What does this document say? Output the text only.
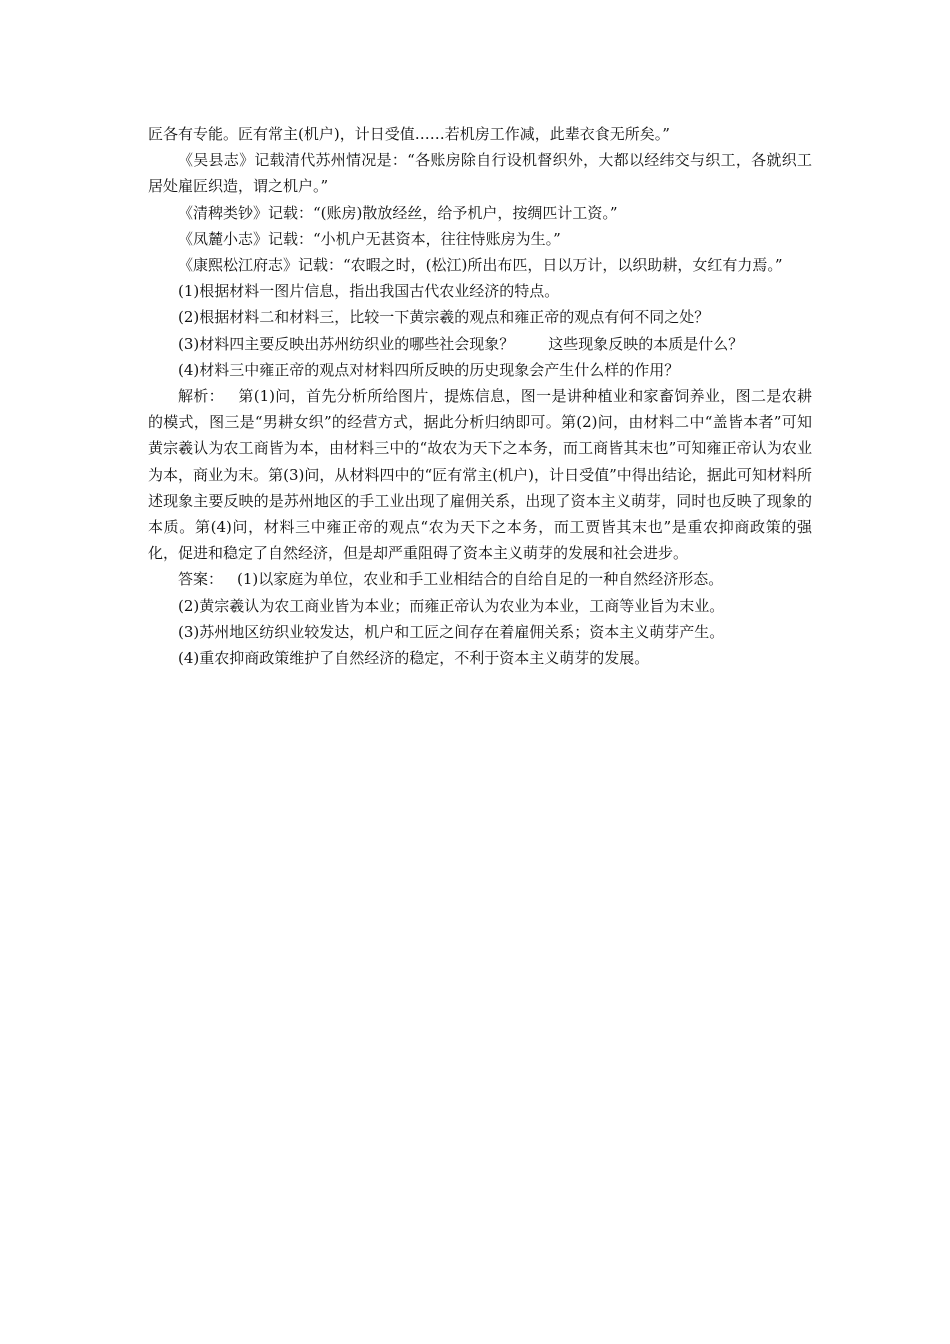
匠各有专能。匠有常主(机户)，计日受值……若机房工作减，此辈衣食无所矣。”

《吴县志》记载清代苏州情况是：“各账房除自行设机督织外，大都以经纬交与织工，各就织工居处雇匠织造，谓之机户。”

《清稗类钞》记载：“(账房)散放经丝，给予机户，按绸匹计工资。”

《凤麓小志》记载：“小机户无甚资本，往往恃账房为生。”

《康熙松江府志》记载：“农暇之时，(松江)所出布匹，日以万计，以织助耕，女红有力焉。”

(1)根据材料一图片信息，指出我国古代农业经济的特点。

(2)根据材料二和材料三，比较一下黄宗羲的观点和雍正帝的观点有何不同之处？

(3)材料四主要反映出苏州纺织业的哪些社会现象？ 这些现象反映的本质是什么？

(4)材料三中雍正帝的观点对材料四所反映的历史现象会产生什么样的作用？

解析： 第(1)问，首先分析所给图片，提炼信息，图一是讲种植业和家畜饲养业，图二是农耕的模式，图三是“男耕女织”的经营方式，据此分析归纳即可。第(2)问，由材料二中“盖皆本者”可知黄宗羲认为农工商皆为本，由材料三中的“故农为天下之本务，而工商皆其末也”可知雍正帝认为农业为本，商业为末。第(3)问，从材料四中的“匠有常主(机户)，计日受值”中得出结论，据此可知材料所述现象主要反映的是苏州地区的手工业出现了雇佣关系，出现了资本主义萌芽，同时也反映了现象的本质。第(4)问，材料三中雍正帝的观点“农为天下之本务，而工贾皆其末也”是重农抑商政策的强化，促进和稳定了自然经济，但是却严重阻碍了资本主义萌芽的发展和社会进步。

答案： (1)以家庭为单位，农业和手工业相结合的自给自足的一种自然经济形态。

(2)黄宗羲认为农工商业皆为本业；而雍正帝认为农业为本业，工商等业旨为末业。

(3)苏州地区纺织业较发达，机户和工匠之间存在着雇佣关系；资本主义萌芽产生。

(4)重农抑商政策维护了自然经济的稳定，不利于资本主义萌芽的发展。
